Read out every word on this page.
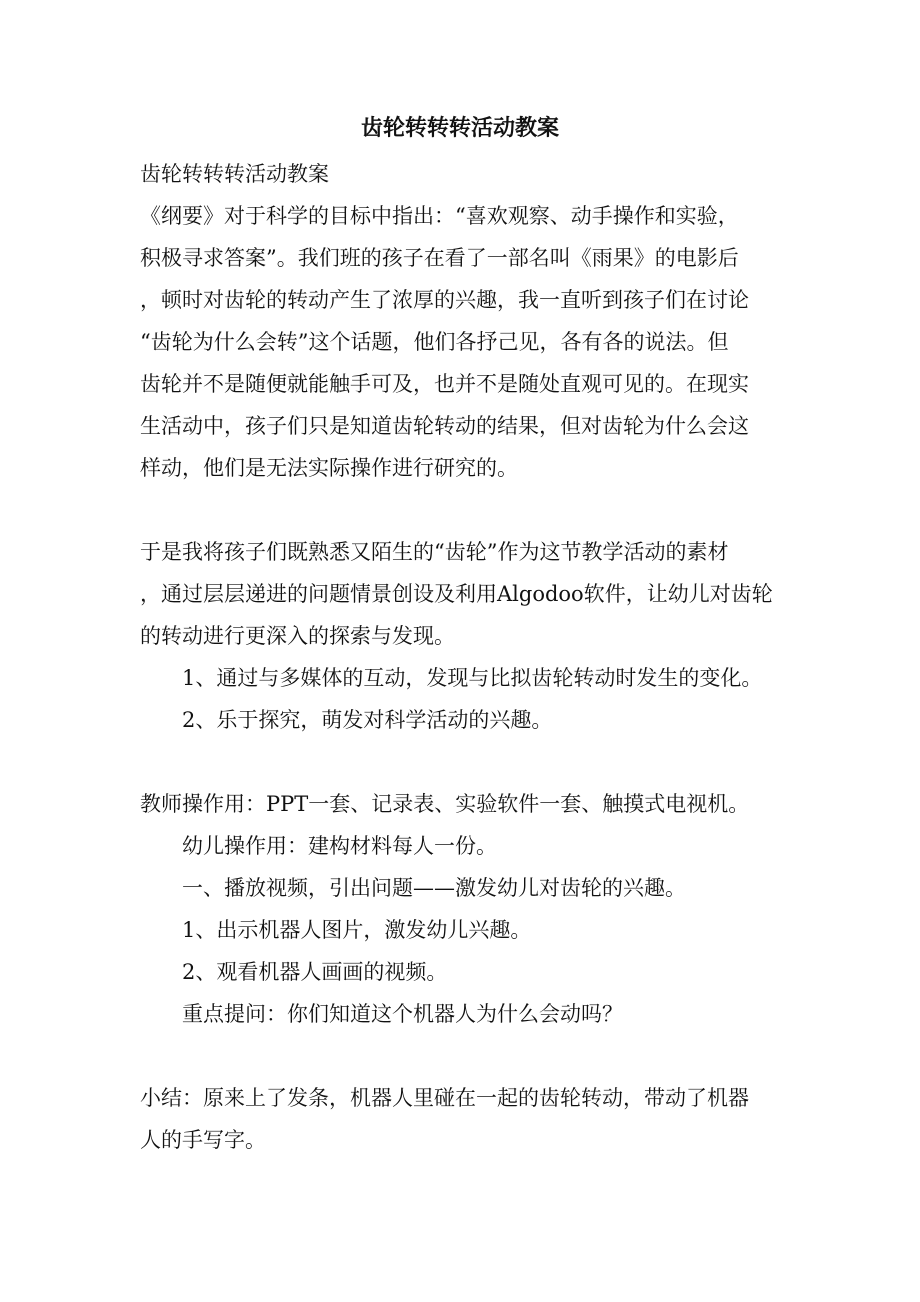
齿轮转转转活动教案
齿轮转转转活动教案
《纲要》对于科学的目标中指出：“喜欢观察、动手操作和实验，
积极寻求答案”。我们班的孩子在看了一部名叫《雨果》的电影后
，顿时对齿轮的转动产生了浓厚的兴趣，我一直听到孩子们在讨论
“齿轮为什么会转”这个话题，他们各抒己见，各有各的说法。但
齿轮并不是随便就能触手可及，也并不是随处直观可见的。在现实
生活动中，孩子们只是知道齿轮转动的结果，但对齿轮为什么会这
样动，他们是无法实际操作进行研究的。
于是我将孩子们既熟悉又陌生的“齿轮”作为这节教学活动的素材
，通过层层递进的问题情景创设及利用Algodoo软件，让幼儿对齿轮
的转动进行更深入的探索与发现。
1、通过与多媒体的互动，发现与比拟齿轮转动时发生的变化。
2、乐于探究，萌发对科学活动的兴趣。
教师操作用：PPT一套、记录表、实验软件一套、触摸式电视机。
幼儿操作用：建构材料每人一份。
一、播放视频，引出问题——激发幼儿对齿轮的兴趣。
1、出示机器人图片，激发幼儿兴趣。
2、观看机器人画画的视频。
重点提问：你们知道这个机器人为什么会动吗？
小结：原来上了发条，机器人里碰在一起的齿轮转动，带动了机器
人的手写字。
